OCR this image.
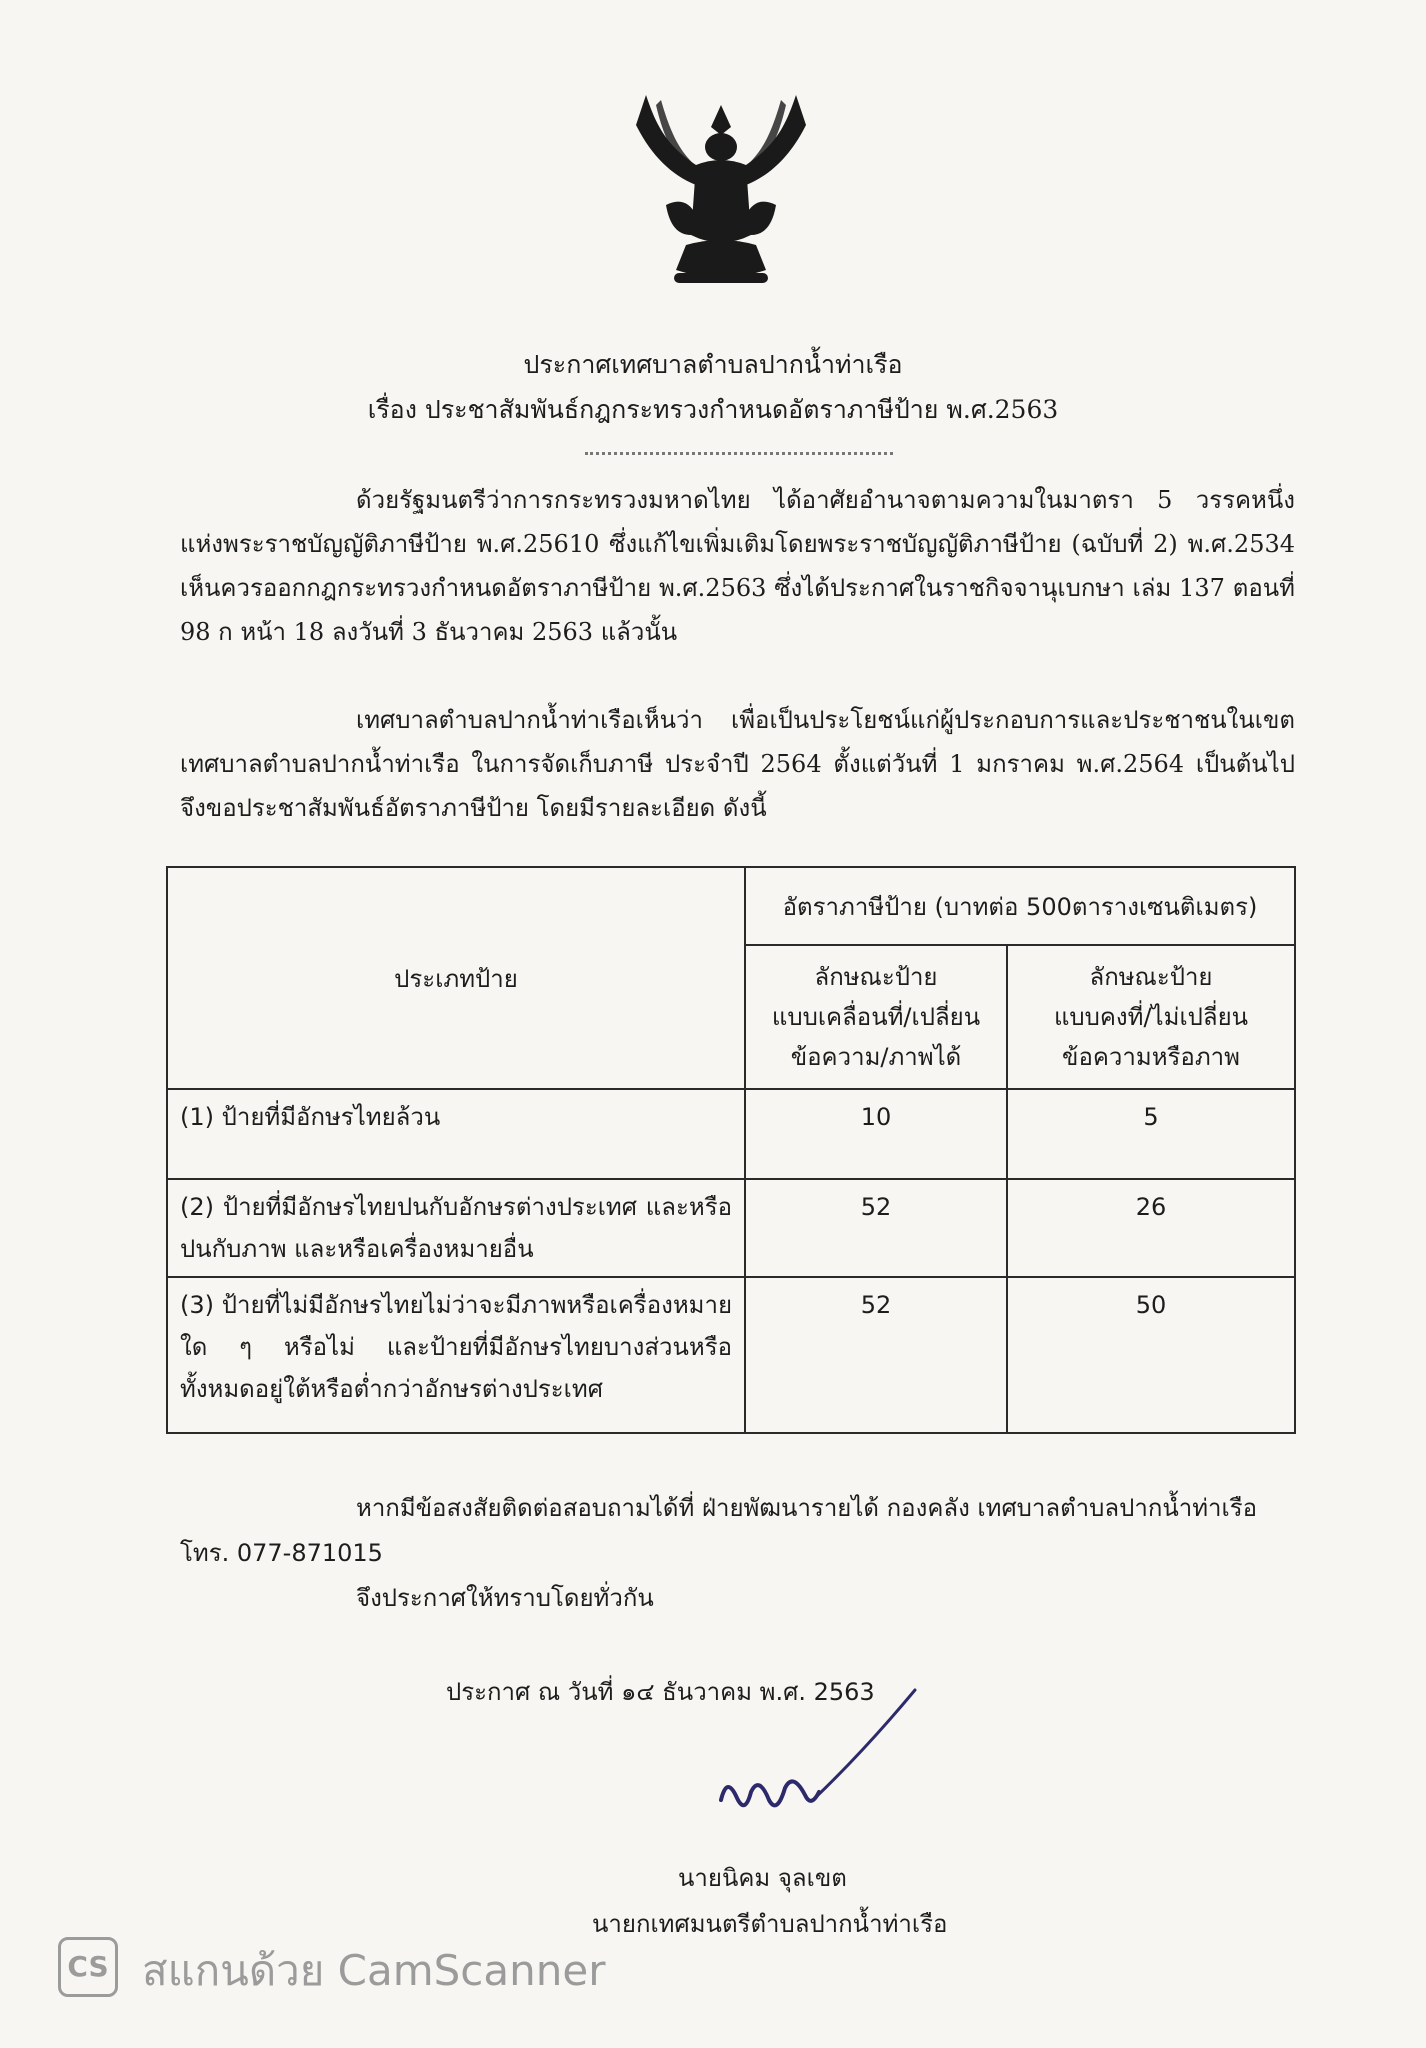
ประกาศเทศบาลตำบลปากน้ำท่าเรือ
เรื่อง ประชาสัมพันธ์กฎกระทรวงกำหนดอัตราภาษีป้าย พ.ศ.2563

ด้วยรัฐมนตรีว่าการกระทรวงมหาดไทย ได้อาศัยอำนาจตามความในมาตรา 5 วรรคหนึ่ง แห่งพระราชบัญญัติภาษีป้าย พ.ศ.25610 ซึ่งแก้ไขเพิ่มเติมโดยพระราชบัญญัติภาษีป้าย (ฉบับที่ 2) พ.ศ.2534 เห็นควรออกกฎกระทรวงกำหนดอัตราภาษีป้าย พ.ศ.2563 ซึ่งได้ประกาศในราชกิจจานุเบกษา เล่ม 137 ตอนที่ 98 ก หน้า 18 ลงวันที่ 3 ธันวาคม 2563 แล้วนั้น

เทศบาลตำบลปากน้ำท่าเรือเห็นว่า เพื่อเป็นประโยชน์แก่ผู้ประกอบการและประชาชนในเขตเทศบาลตำบลปากน้ำท่าเรือ ในการจัดเก็บภาษี ประจำปี 2564 ตั้งแต่วันที่ 1 มกราคม พ.ศ.2564 เป็นต้นไป จึงขอประชาสัมพันธ์อัตราภาษีป้าย โดยมีรายละเอียด ดังนี้

ประเภทป้าย	อัตราภาษีป้าย (บาทต่อ 500ตารางเซนติเมตร)	
	ลักษณะป้าย
แบบเคลื่อนที่/เปลี่ยน
ข้อความ/ภาพได้	ลักษณะป้าย
แบบคงที่/ไม่เปลี่ยน
ข้อความหรือภาพ
(1) ป้ายที่มีอักษรไทยล้วน	10	5
(2) ป้ายที่มีอักษรไทยปนกับอักษรต่างประเทศ และหรือปนกับภาพ และหรือเครื่องหมายอื่น	52	26
(3) ป้ายที่ไม่มีอักษรไทยไม่ว่าจะมีภาพหรือเครื่องหมายใด ๆ หรือไม่ และป้ายที่มีอักษรไทยบางส่วนหรือทั้งหมดอยู่ใต้หรือต่ำกว่าอักษรต่างประเทศ	52	50
หากมีข้อสงสัยติดต่อสอบถามได้ที่ ฝ่ายพัฒนารายได้ กองคลัง เทศบาลตำบลปากน้ำท่าเรือ
โทร. 077-871015
จึงประกาศให้ทราบโดยทั่วกัน
ประกาศ ณ วันที่ ๑๔ ธันวาคม พ.ศ. 2563
นายนิคม จุลเขต
นายกเทศมนตรีตำบลปากน้ำท่าเรือ
CS สแกนด้วย CamScanner
